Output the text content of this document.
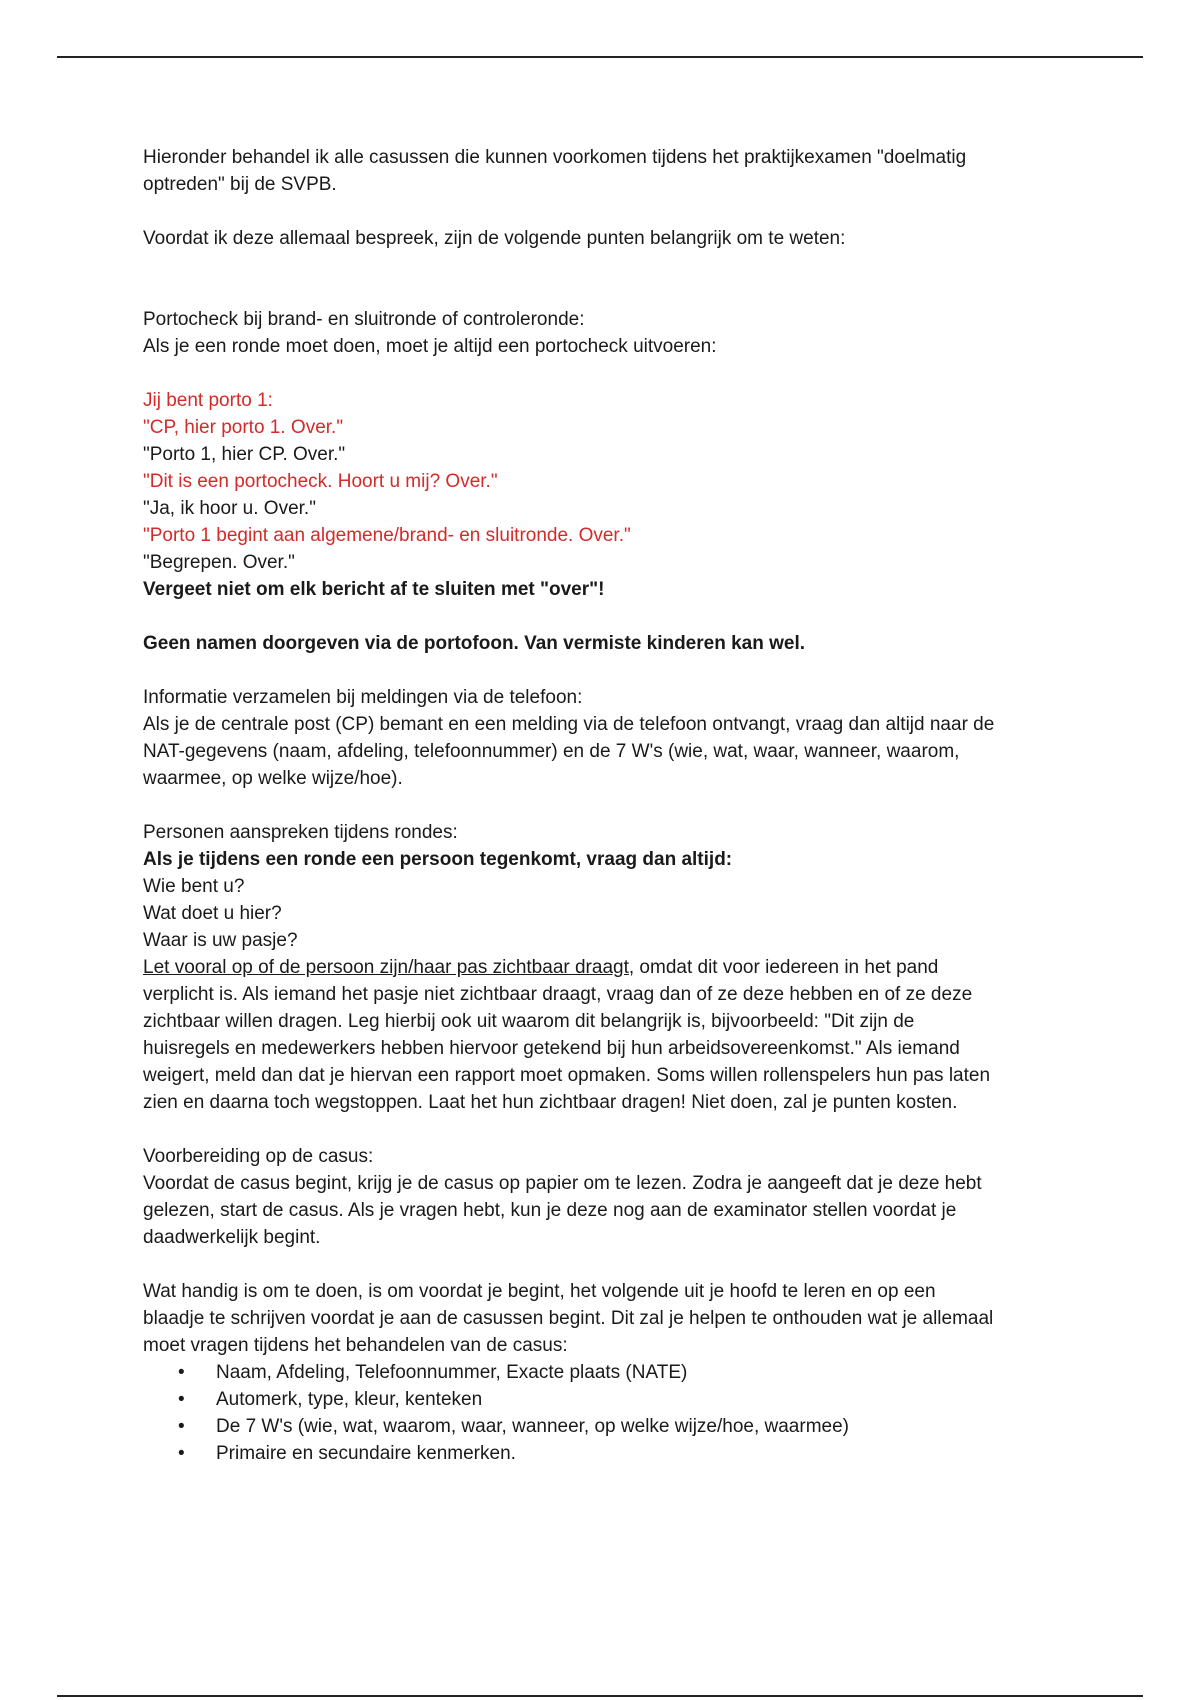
Hieronder behandel ik alle casussen die kunnen voorkomen tijdens het praktijkexamen "doelmatig

optreden" bij de SVPB.

Voordat ik deze allemaal bespreek, zijn de volgende punten belangrijk om te weten:

Portocheck bij brand- en sluitronde of controleronde:

Als je een ronde moet doen, moet je altijd een portocheck uitvoeren:

Jij bent porto 1:

"CP, hier porto 1. Over."

"Porto 1, hier CP. Over."

"Dit is een portocheck. Hoort u mij? Over."

"Ja, ik hoor u. Over."

"Porto 1 begint aan algemene/brand- en sluitronde. Over."

"Begrepen. Over."

Vergeet niet om elk bericht af te sluiten met "over"!

Geen namen doorgeven via de portofoon. Van vermiste kinderen kan wel.

Informatie verzamelen bij meldingen via de telefoon:

Als je de centrale post (CP) bemant en een melding via de telefoon ontvangt, vraag dan altijd naar de

NAT-gegevens (naam, afdeling, telefoonnummer) en de 7 W's (wie, wat, waar, wanneer, waarom,

waarmee, op welke wijze/hoe).

Personen aanspreken tijdens rondes:

Als je tijdens een ronde een persoon tegenkomt, vraag dan altijd:

Wie bent u?

Wat doet u hier?

Waar is uw pasje?

Let vooral op of de persoon zijn/haar pas zichtbaar draagt, omdat dit voor iedereen in het pand

verplicht is. Als iemand het pasje niet zichtbaar draagt, vraag dan of ze deze hebben en of ze deze

zichtbaar willen dragen. Leg hierbij ook uit waarom dit belangrijk is, bijvoorbeeld: "Dit zijn de

huisregels en medewerkers hebben hiervoor getekend bij hun arbeidsovereenkomst." Als iemand

weigert, meld dan dat je hiervan een rapport moet opmaken. Soms willen rollenspelers hun pas laten

zien en daarna toch wegstoppen. Laat het hun zichtbaar dragen! Niet doen, zal je punten kosten.

Voorbereiding op de casus:

Voordat de casus begint, krijg je de casus op papier om te lezen. Zodra je aangeeft dat je deze hebt

gelezen, start de casus. Als je vragen hebt, kun je deze nog aan de examinator stellen voordat je

daadwerkelijk begint.

Wat handig is om te doen, is om voordat je begint, het volgende uit je hoofd te leren en op een

blaadje te schrijven voordat je aan de casussen begint. Dit zal je helpen te onthouden wat je allemaal

moet vragen tijdens het behandelen van de casus:

• Naam, Afdeling, Telefoonnummer, Exacte plaats (NATE)
• Automerk, type, kleur, kenteken
• De 7 W's (wie, wat, waarom, waar, wanneer, op welke wijze/hoe, waarmee)
• Primaire en secundaire kenmerken.
